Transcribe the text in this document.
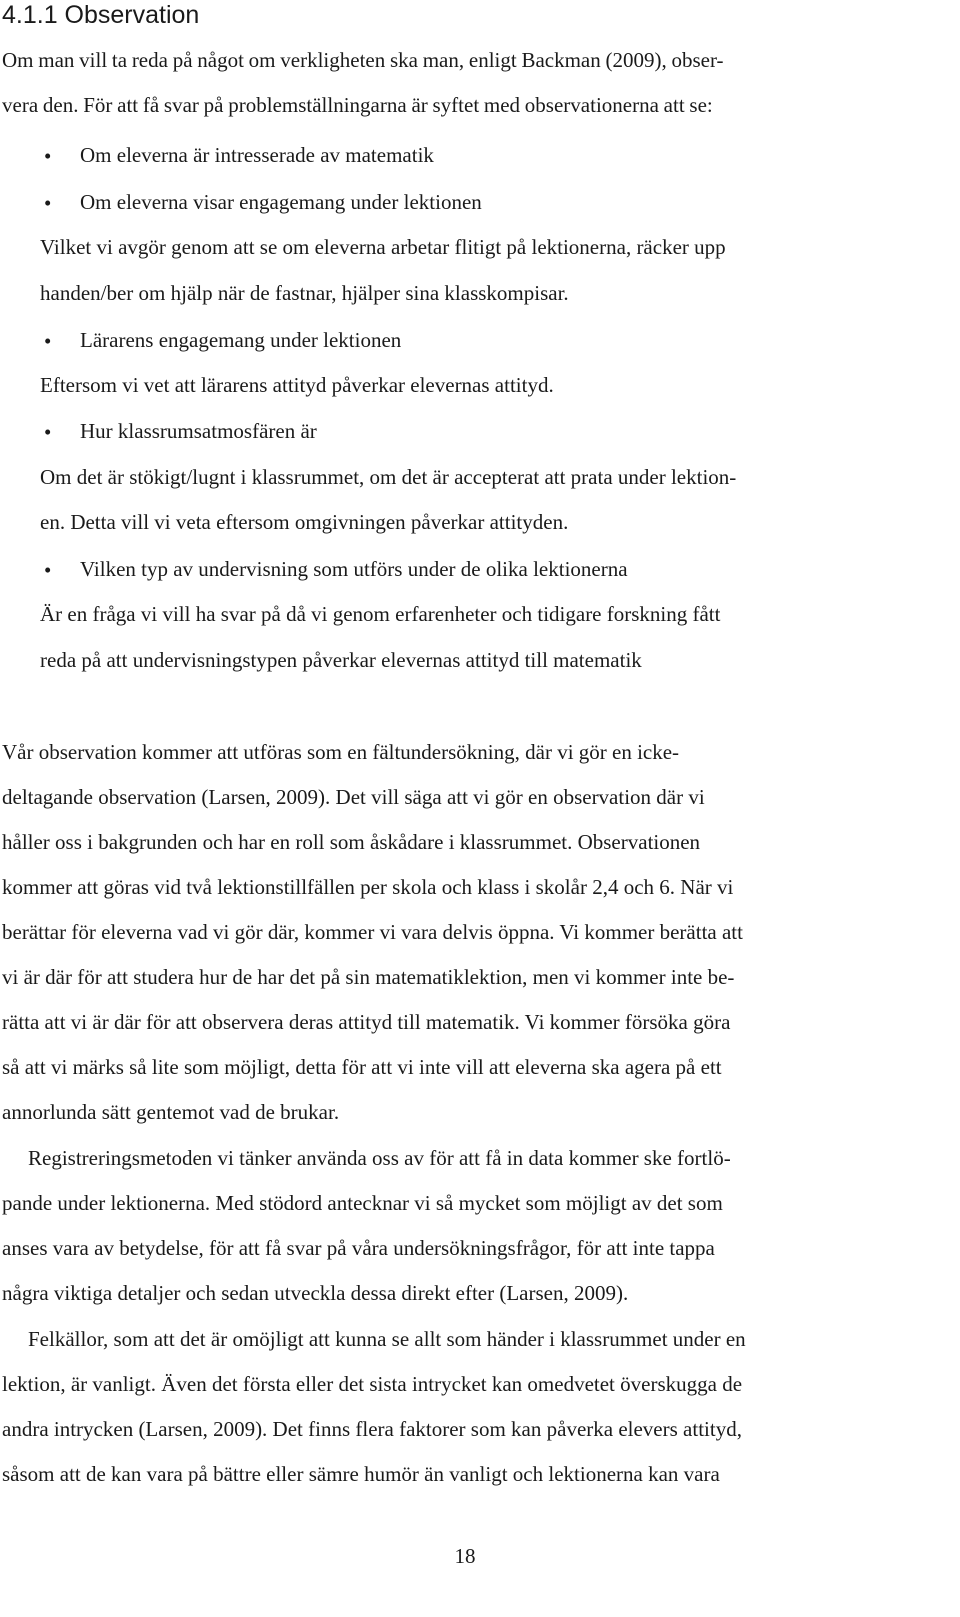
4.1.1 Observation
Om man vill ta reda på något om verkligheten ska man, enligt Backman (2009), obser-
vera den. För att få svar på problemställningarna är syftet med observationerna att se:
• Om eleverna är intresserade av matematik
• Om eleverna visar engagemang under lektionen
Vilket vi avgör genom att se om eleverna arbetar flitigt på lektionerna, räcker upp
handen/ber om hjälp när de fastnar, hjälper sina klasskompisar.
• Lärarens engagemang under lektionen
Eftersom vi vet att lärarens attityd påverkar elevernas attityd.
• Hur klassrumsatmosfären är
Om det är stökigt/lugnt i klassrummet, om det är accepterat att prata under lektion-
en. Detta vill vi veta eftersom omgivningen påverkar attityden.
• Vilken typ av undervisning som utförs under de olika lektionerna
Är en fråga vi vill ha svar på då vi genom erfarenheter och tidigare forskning fått
reda på att undervisningstypen påverkar elevernas attityd till matematik
Vår observation kommer att utföras som en fältundersökning, där vi gör en icke-
deltagande observation (Larsen, 2009). Det vill säga att vi gör en observation där vi
håller oss i bakgrunden och har en roll som åskådare i klassrummet. Observationen
kommer att göras vid två lektionstillfällen per skola och klass i skolår 2,4 och 6. När vi
berättar för eleverna vad vi gör där, kommer vi vara delvis öppna. Vi kommer berätta att
vi är där för att studera hur de har det på sin matematiklektion, men vi kommer inte be-
rätta att vi är där för att observera deras attityd till matematik. Vi kommer försöka göra
så att vi märks så lite som möjligt, detta för att vi inte vill att eleverna ska agera på ett
annorlunda sätt gentemot vad de brukar.
Registreringsmetoden vi tänker använda oss av för att få in data kommer ske fortlö-
pande under lektionerna. Med stödord antecknar vi så mycket som möjligt av det som
anses vara av betydelse, för att få svar på våra undersökningsfrågor, för att inte tappa
några viktiga detaljer och sedan utveckla dessa direkt efter (Larsen, 2009).
Felkällor, som att det är omöjligt att kunna se allt som händer i klassrummet under en
lektion, är vanligt. Även det första eller det sista intrycket kan omedvetet överskugga de
andra intrycken (Larsen, 2009). Det finns flera faktorer som kan påverka elevers attityd,
såsom att de kan vara på bättre eller sämre humör än vanligt och lektionerna kan vara
18
